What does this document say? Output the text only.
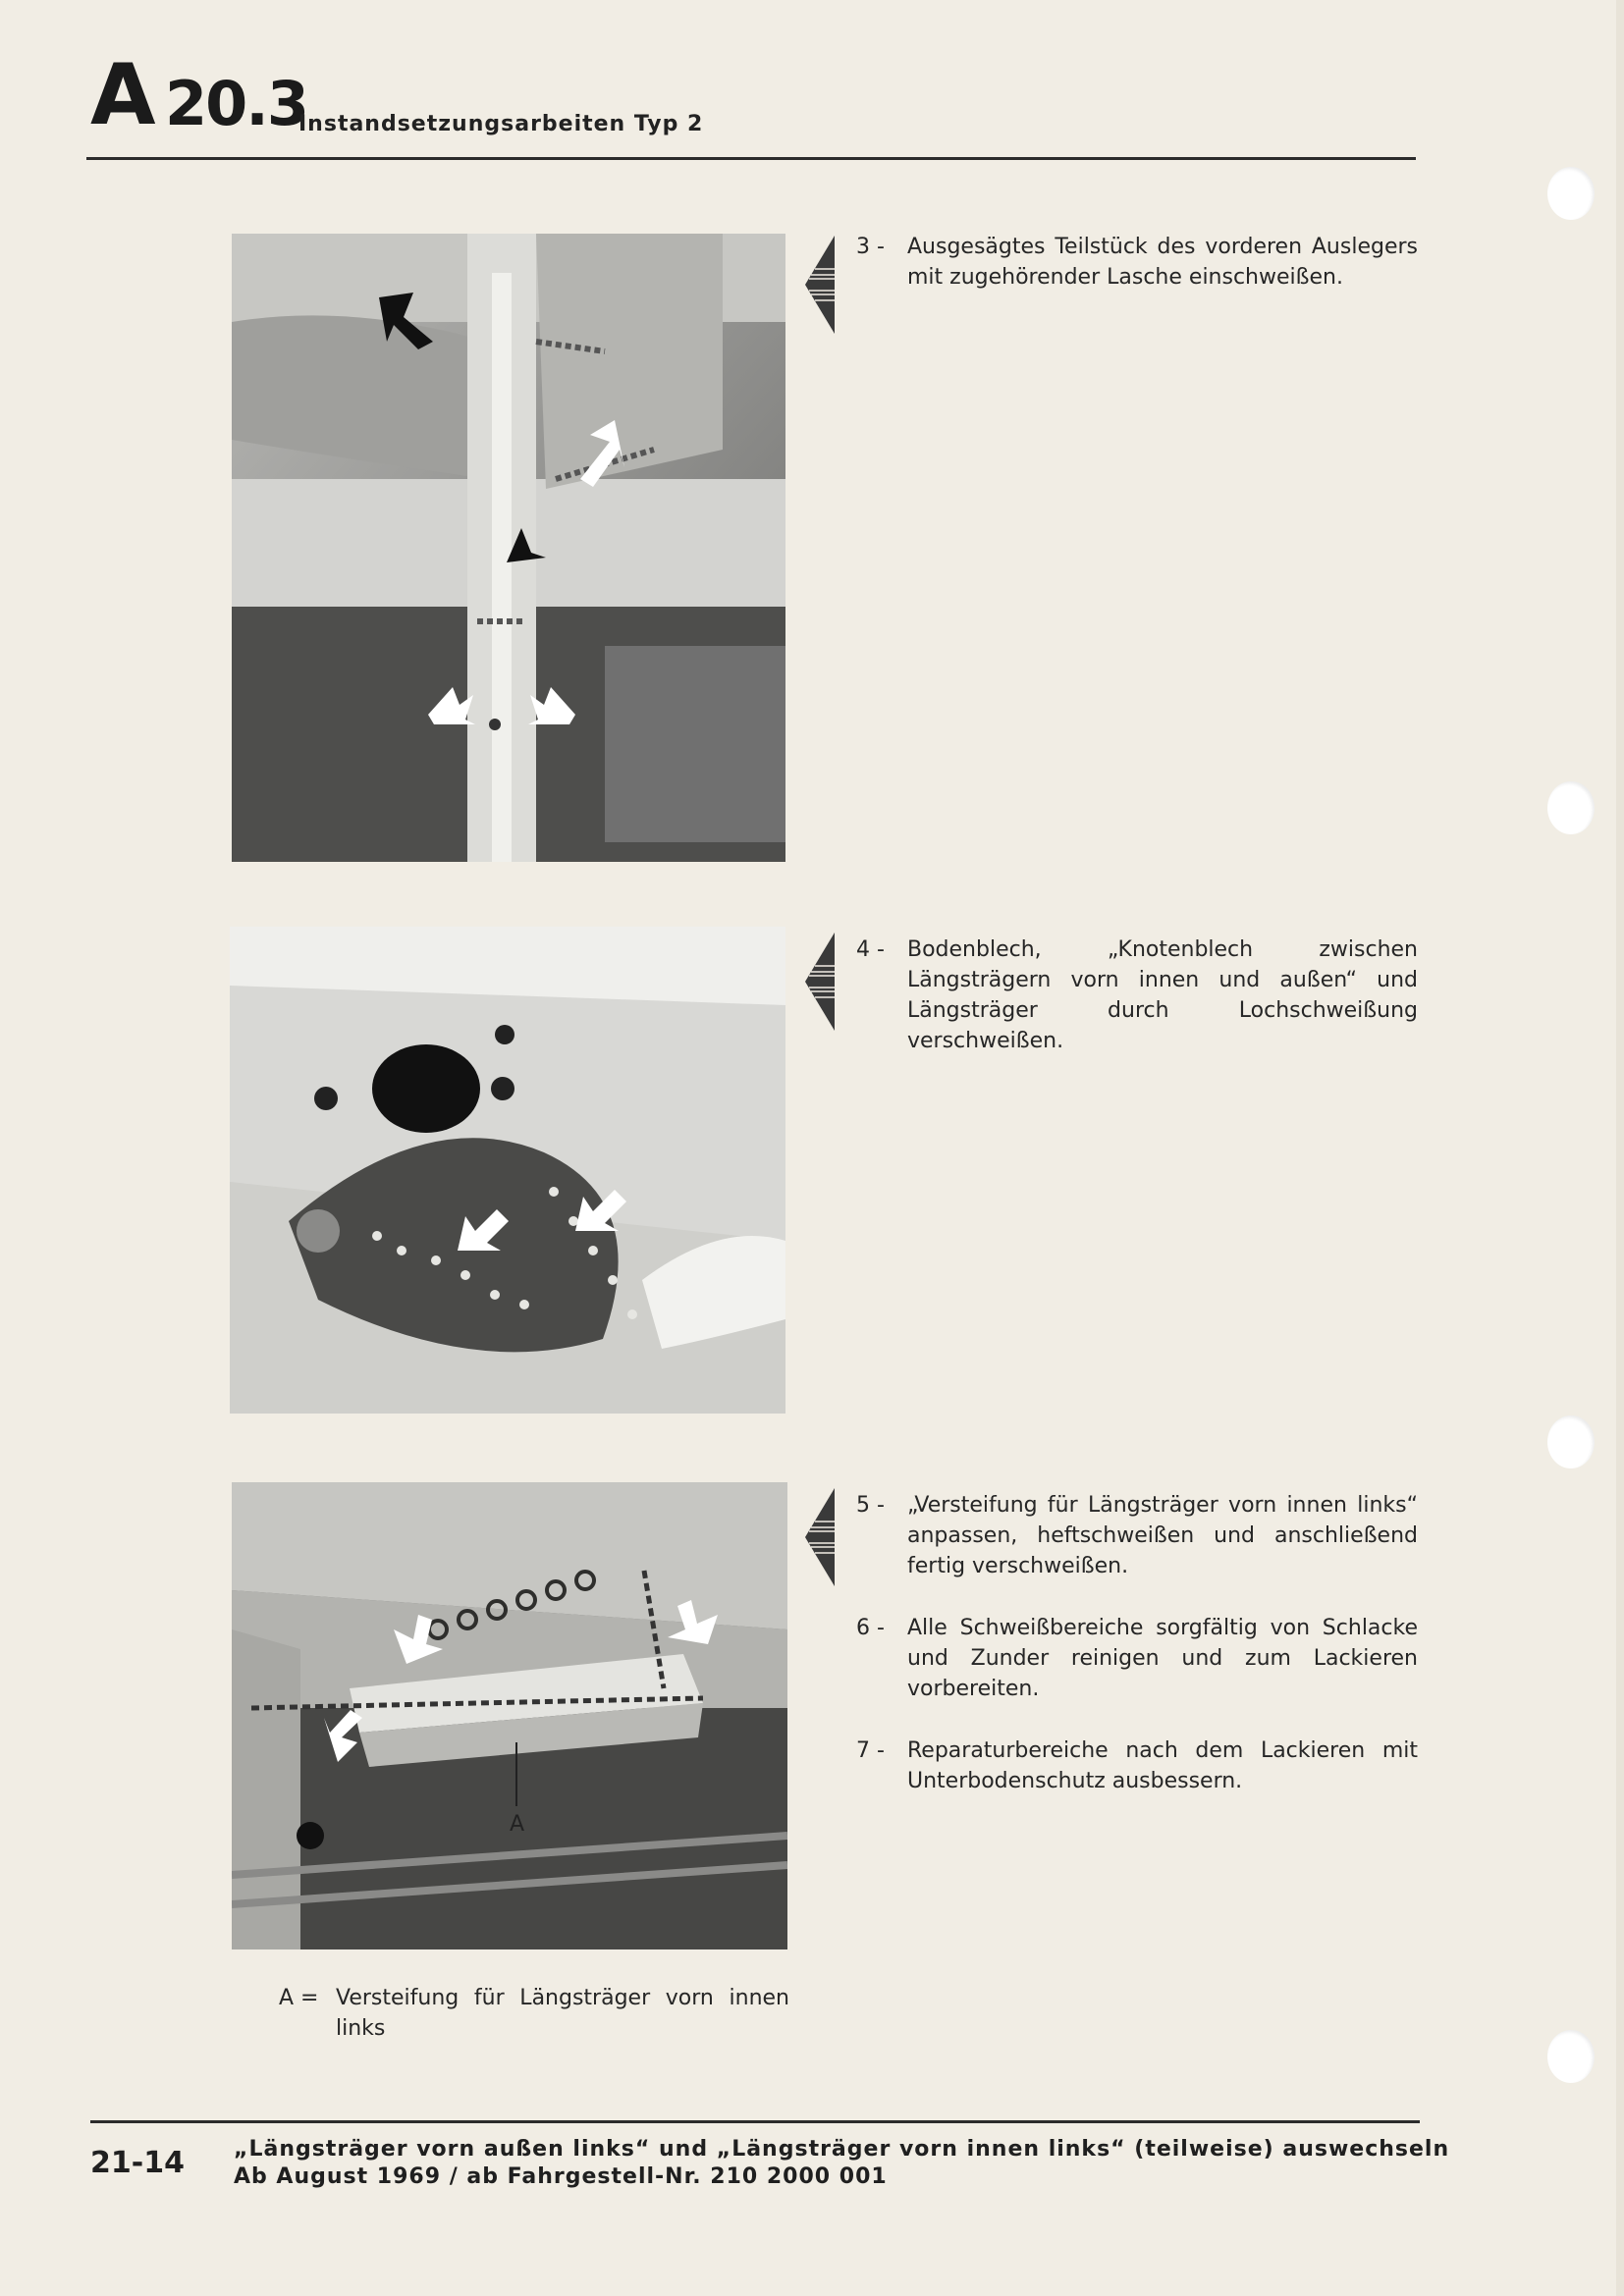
A 20.3
Instandsetzungsarbeiten Typ 2
A
3 -	Ausgesägtes Teilstück des vorderen Auslegers mit zugehörender Lasche einschweißen.
4 -	Bodenblech, „Knotenblech zwischen Längsträgern vorn innen und außen“ und Längsträger durch Lochschweißung verschweißen.
5 -	„Versteifung für Längsträger vorn innen links“ anpassen, heftschweißen und anschließend fertig verschweißen.
6 -	Alle Schweißbereiche sorgfältig von Schlacke und Zunder reinigen und zum Lackieren vorbereiten.
7 -	Reparaturbereiche nach dem Lackieren mit Unterbodenschutz ausbessern.
A = Versteifung für Längsträger vorn innen links
21-14 „Längsträger vorn außen links“ und „Längsträger vorn innen links“ (teilweise) auswechseln
Ab August 1969 / ab Fahrgestell-Nr. 210 2000 001
